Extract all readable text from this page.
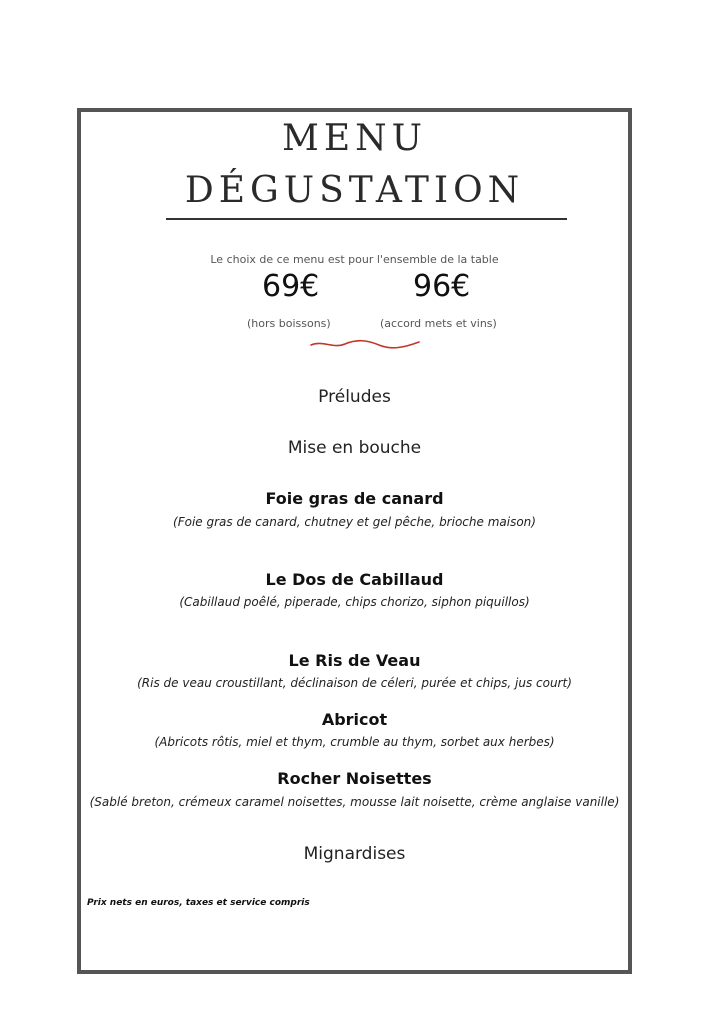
MENU
DÉGUSTATION
Le choix de ce menu est pour l'ensemble de la table
69€	96€
(hors boissons)	(accord mets et vins)
Préludes
Mise en bouche
Foie gras de canard
(Foie gras de canard, chutney et gel pêche, brioche maison)
Le Dos de Cabillaud
(Cabillaud poêlé, piperade, chips chorizo, siphon piquillos)
Le Ris de Veau
(Ris de veau croustillant, déclinaison de céleri, purée et chips, jus court)
Abricot
(Abricots rôtis, miel et thym, crumble au thym, sorbet aux herbes)
Rocher Noisettes
(Sablé breton, crémeux caramel noisettes, mousse lait noisette, crème anglaise vanille)
Mignardises
Prix nets en euros, taxes et service compris
